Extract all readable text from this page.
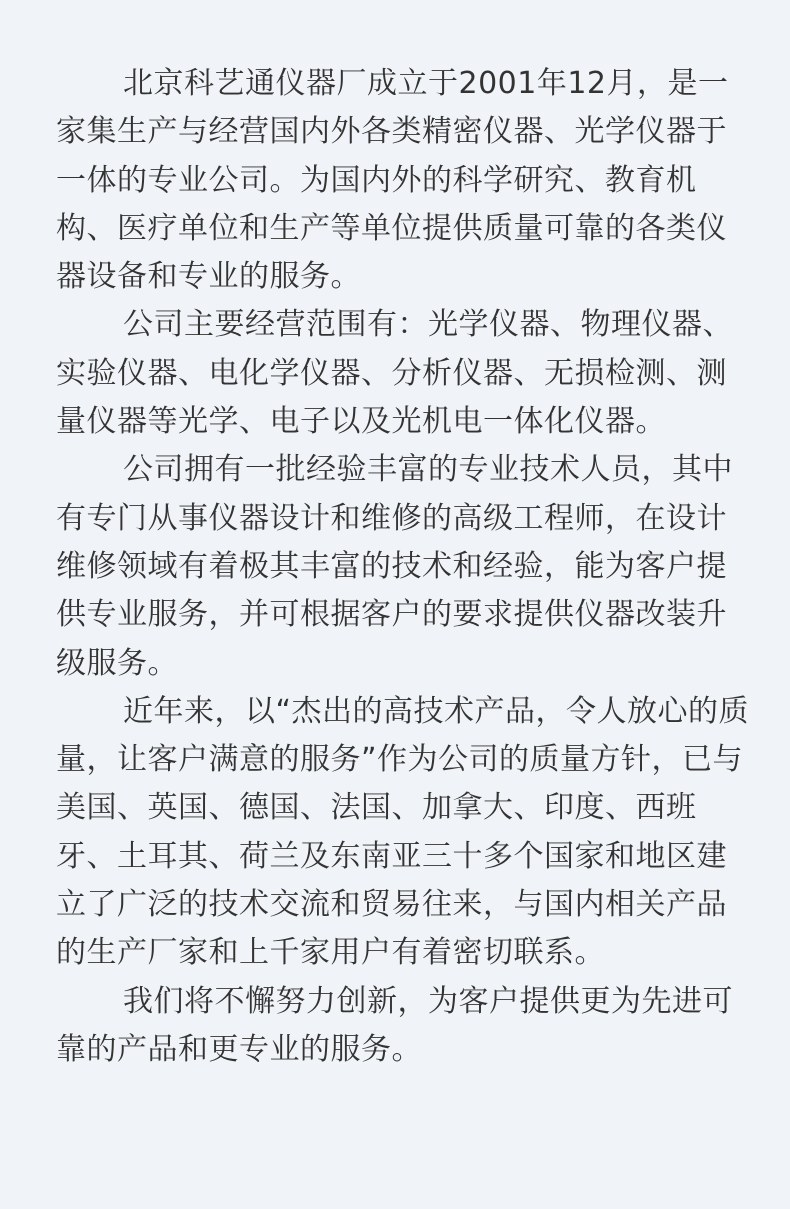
北京科艺通仪器厂成立于2001年12月，是一家集生产与经营国内外各类精密仪器、光学仪器于一体的专业公司。为国内外的科学研究、教育机构、医疗单位和生产等单位提供质量可靠的各类仪器设备和专业的服务。

公司主要经营范围有：光学仪器、物理仪器、实验仪器、电化学仪器、分析仪器、无损检测、测量仪器等光学、电子以及光机电一体化仪器。

公司拥有一批经验丰富的专业技术人员，其中有专门从事仪器设计和维修的高级工程师，在设计维修领域有着极其丰富的技术和经验，能为客户提供专业服务，并可根据客户的要求提供仪器改装升级服务。

近年来，以“杰出的高技术产品，令人放心的质量，让客户满意的服务”作为公司的质量方针，已与美国、英国、德国、法国、加拿大、印度、西班牙、土耳其、荷兰及东南亚三十多个国家和地区建立了广泛的技术交流和贸易往来，与国内相关产品的生产厂家和上千家用户有着密切联系。

我们将不懈努力创新，为客户提供更为先进可靠的产品和更专业的服务。
